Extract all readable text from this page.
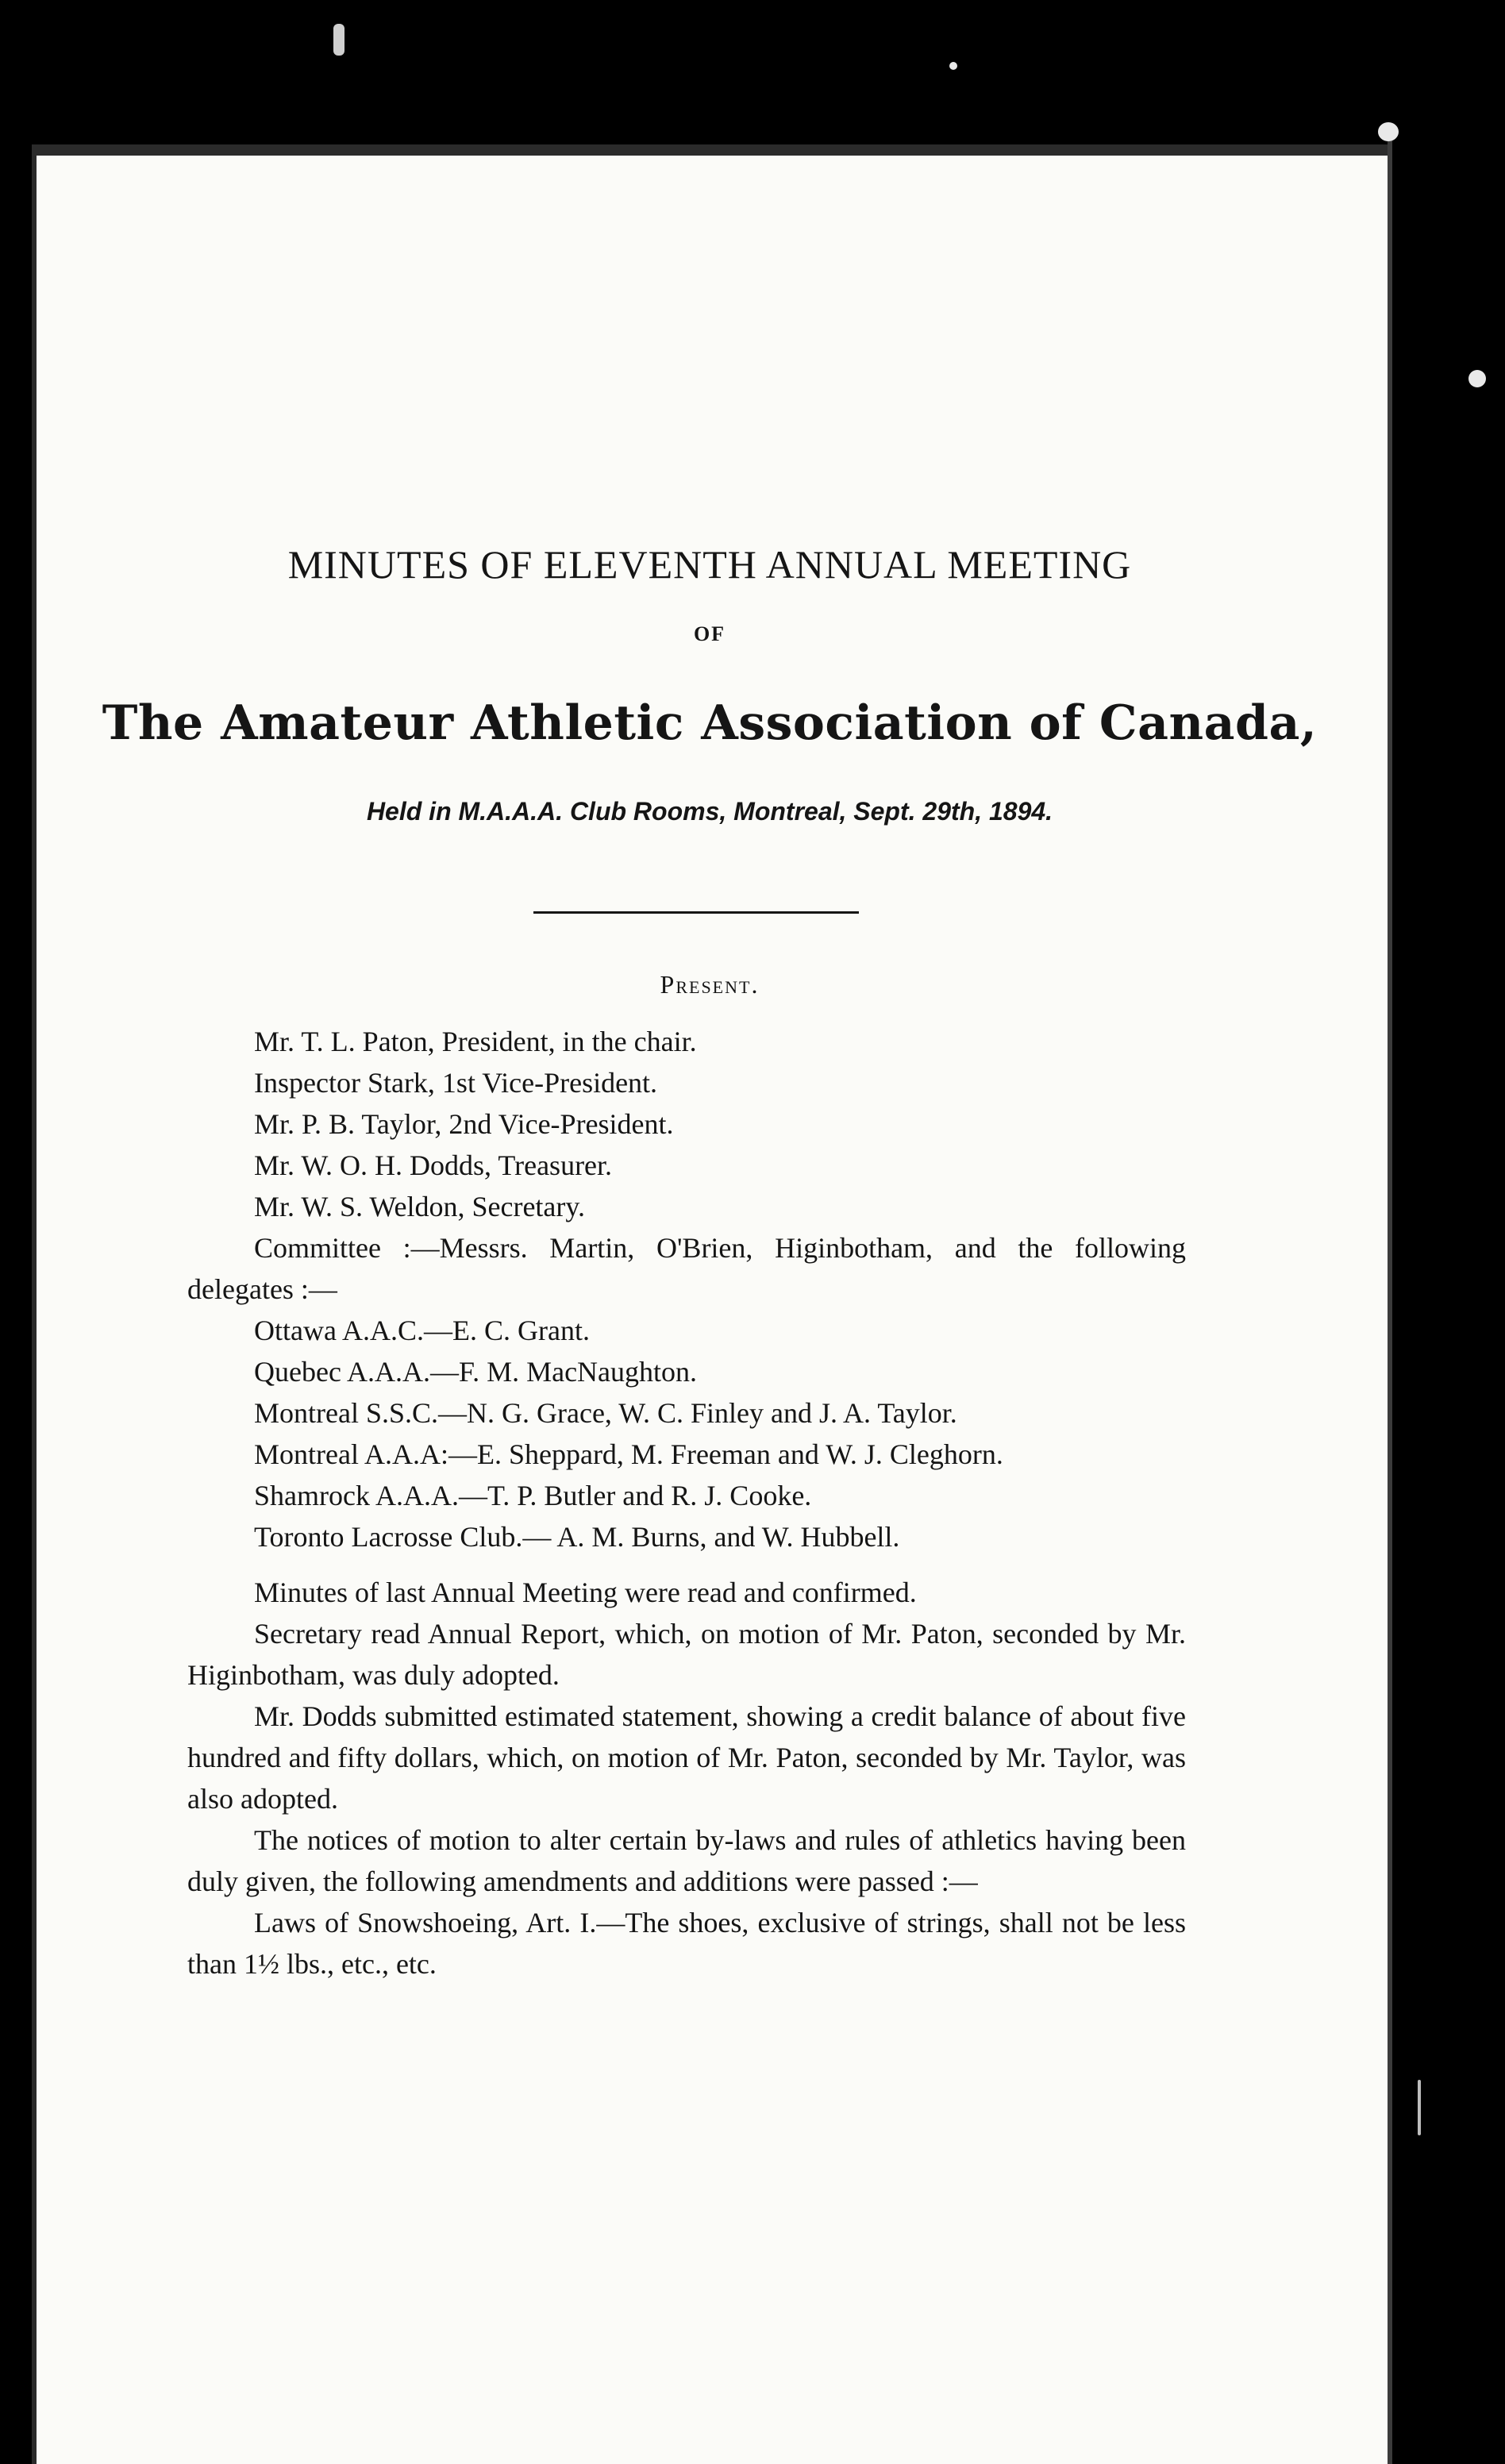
MINUTES OF ELEVENTH ANNUAL MEETING
OF
The Amateur Athletic Association of Canada,
Held in M.A.A.A. Club Rooms, Montreal, Sept. 29th, 1894.
Present.

Mr. T. L. Paton, President, in the chair.

Inspector Stark, 1st Vice-President.

Mr. P. B. Taylor, 2nd Vice-President.

Mr. W. O. H. Dodds, Treasurer.

Mr. W. S. Weldon, Secretary.

Committee :—Messrs. Martin, O'Brien, Higinbotham, and the following delegates :—

Ottawa A.A.C.—E. C. Grant.

Quebec A.A.A.—F. M. MacNaughton.

Montreal S.S.C.—N. G. Grace, W. C. Finley and J. A. Taylor.

Montreal A.A.A:—E. Sheppard, M. Freeman and W. J. Cleghorn.

Shamrock A.A.A.—T. P. Butler and R. J. Cooke.

Toronto Lacrosse Club.— A. M. Burns, and W. Hubbell.

Minutes of last Annual Meeting were read and confirmed.

Secretary read Annual Report, which, on motion of Mr. Paton, seconded by Mr. Higinbotham, was duly adopted.

Mr. Dodds submitted estimated statement, showing a credit balance of about five hundred and fifty dollars, which, on motion of Mr. Paton, seconded by Mr. Taylor, was also adopted.

The notices of motion to alter certain by-laws and rules of athletics having been duly given, the following amendments and additions were passed :—

Laws of Snowshoeing, Art. I.—The shoes, exclusive of strings, shall not be less than 1½ lbs., etc., etc.
